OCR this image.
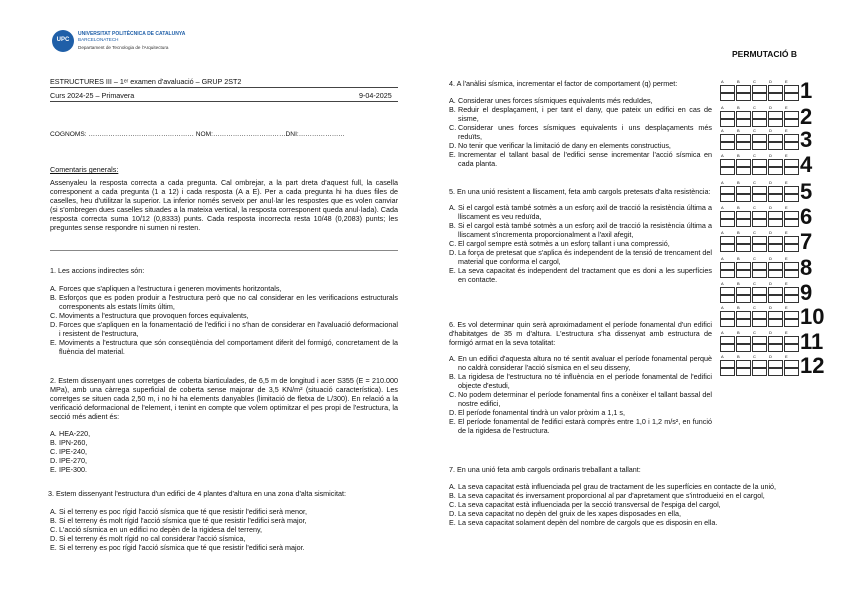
UPC
UNIVERSITAT POLITÈCNICA DE CATALUNYA
BARCELONATECH
Departament de Tecnologia de l'Arquitectura
PERMUTACIÓ B
ESTRUCTURES III – 1ᵉʳ examen d'avaluació – GRUP 2ST2
Curs 2024-25 – Primavera	9-04-2025
COGNOMS: ………………………………………… NOM:……………………………DNI:…………………
Comentaris generals:
Assenyaleu la resposta correcta a cada pregunta. Cal ombrejar, a la part dreta d'aquest full, la casella corresponent a cada pregunta (1 a 12) i cada resposta (A a E). Per a cada pregunta hi ha dues files de caselles, heu d'utilitzar la superior. La inferior només serveix per anul·lar les respostes que es volen canviar (si s'ombregen dues caselles situades a la mateixa vertical, la resposta corresponent queda anul·lada). Cada resposta correcta suma 10/12 (0,8333) punts. Cada resposta incorrecta resta 10/48 (0,2083) punts; les preguntes sense respondre ni sumen ni resten.
1. Les accions indirectes són:
A. Forces que s'apliquen a l'estructura i generen moviments horitzontals,
B. Esforços que es poden produir a l'estructura però que no cal considerar en les verificacions estructurals corresponents als estats límits últim,
C. Moviments a l'estructura que provoquen forces equivalents,
D. Forces que s'apliquen en la fonamentació de l'edifici i no s'han de considerar en l'avaluació deformacional i resistent de l'estructura,
E. Moviments a l'estructura que són conseqüència del comportament diferit del formigó, concretament de la fluència del material.
2. Estem dissenyant unes corretges de coberta biarticulades, de 6,5 m de longitud i acer S355 (E = 210.000 MPa), amb una càrrega superficial de coberta sense majorar de 3,5 KN/m² (situació característica). Les corretges se situen cada 2,50 m, i no hi ha elements danyables (limitació de fletxa de L/300). En relació a la verificació deformacional de l'element, i tenint en compte que volem optimitzar el pes propi de l'estructura, la secció més adient és:
A. HEA-220,
B. IPN-260,
C. IPE-240,
D. IPE-270,
E. IPE-300.
3. Estem dissenyant l'estructura d'un edifici de 4 plantes d'altura en una zona d'alta sismicitat:
A. Si el terreny es poc rígid l'acció sísmica que té que resistir l'edifici serà menor,
B. Si el terreny és molt rígid l'acció sísmica que té que resistir l'edifici serà major,
C. L'acció sísmica en un edifici no depèn de la rigidesa del terreny,
D. Si el terreny és molt rígid no cal considerar l'acció sísmica,
E. Si el terreny es poc rígid l'acció sísmica que té que resistir l'edifici serà major.
4. A l'anàlisi sísmica, incrementar el factor de comportament (q) permet:
A. Considerar unes forces sísmiques equivalents més reduïdes,
B. Reduir el desplaçament, i per tant el dany, que pateix un edifici en cas de sisme,
C. Considerar unes forces sísmiques equivalents i uns desplaçaments més reduïts,
D. No tenir que verificar la limitació de dany en elements constructius,
E. Incrementar el tallant basal de l'edifici sense incrementar l'acció sísmica en cada planta.
5. En una unió resistent a lliscament, feta amb cargols pretesats d'alta resistència:
A. Si el cargol està també sotmès a un esforç axil de tracció la resistència última a lliscament es veu reduïda,
B. Si el cargol està també sotmès a un esforç axil de tracció la resistència última a lliscament s'incrementa proporcionalment a l'axil afegit,
C. El cargol sempre està sotmès a un esforç tallant i una compressió,
D. La força de pretesat que s'aplica és independent de la tensió de trencament del material que conforma el cargol,
E. La seva capacitat és independent del tractament que es doni a les superfícies en contacte.
6. Es vol determinar quin serà aproximadament el període fonamental d'un edifici d'habitatges de 35 m d'altura. L'estructura s'ha dissenyat amb estructura de formigó armat en la seva totalitat:
A. En un edifici d'aquesta altura no té sentit avaluar el període fonamental perquè no caldrà considerar l'acció sísmica en el seu disseny,
B. La rigidesa de l'estructura no té influència en el període fonamental de l'edifici objecte d'estudi,
C. No podem determinar el període fonamental fins a conèixer el tallant bassal del nostre edifici,
D. El període fonamental tindrà un valor pròxim a 1,1 s,
E. El període fonamental de l'edifici estarà comprès entre 1,0 i 1,2 m/s², en funció de la rigidesa de l'estructura.
7. En una unió feta amb cargols ordinaris treballant a tallant:
A. La seva capacitat està influenciada pel grau de tractament de les superfícies en contacte de la unió,
B. La seva capacitat és inversament proporcional al par d'apretament que s'introdueixi en el cargol,
C. La seva capacitat està influenciada per la secció transversal de l'espiga del cargol,
D. La seva capacitat no depèn del gruix de les xapes disposades en ella,
E. La seva capacitat solament depèn del nombre de cargols que es disposin en ella.
A	B	C	D	E 1
A	B	C	D	E 2
A	B	C	D	E 3
A	B	C	D	E 4
A	B	C	D	E 5
A	B	C	D	E 6
A	B	C	D	E 7
A	B	C	D	E 8
A	B	C	D	E 9
A	B	C	D	E 10
A	B	C	D	E 11
A	B	C	D	E 12
